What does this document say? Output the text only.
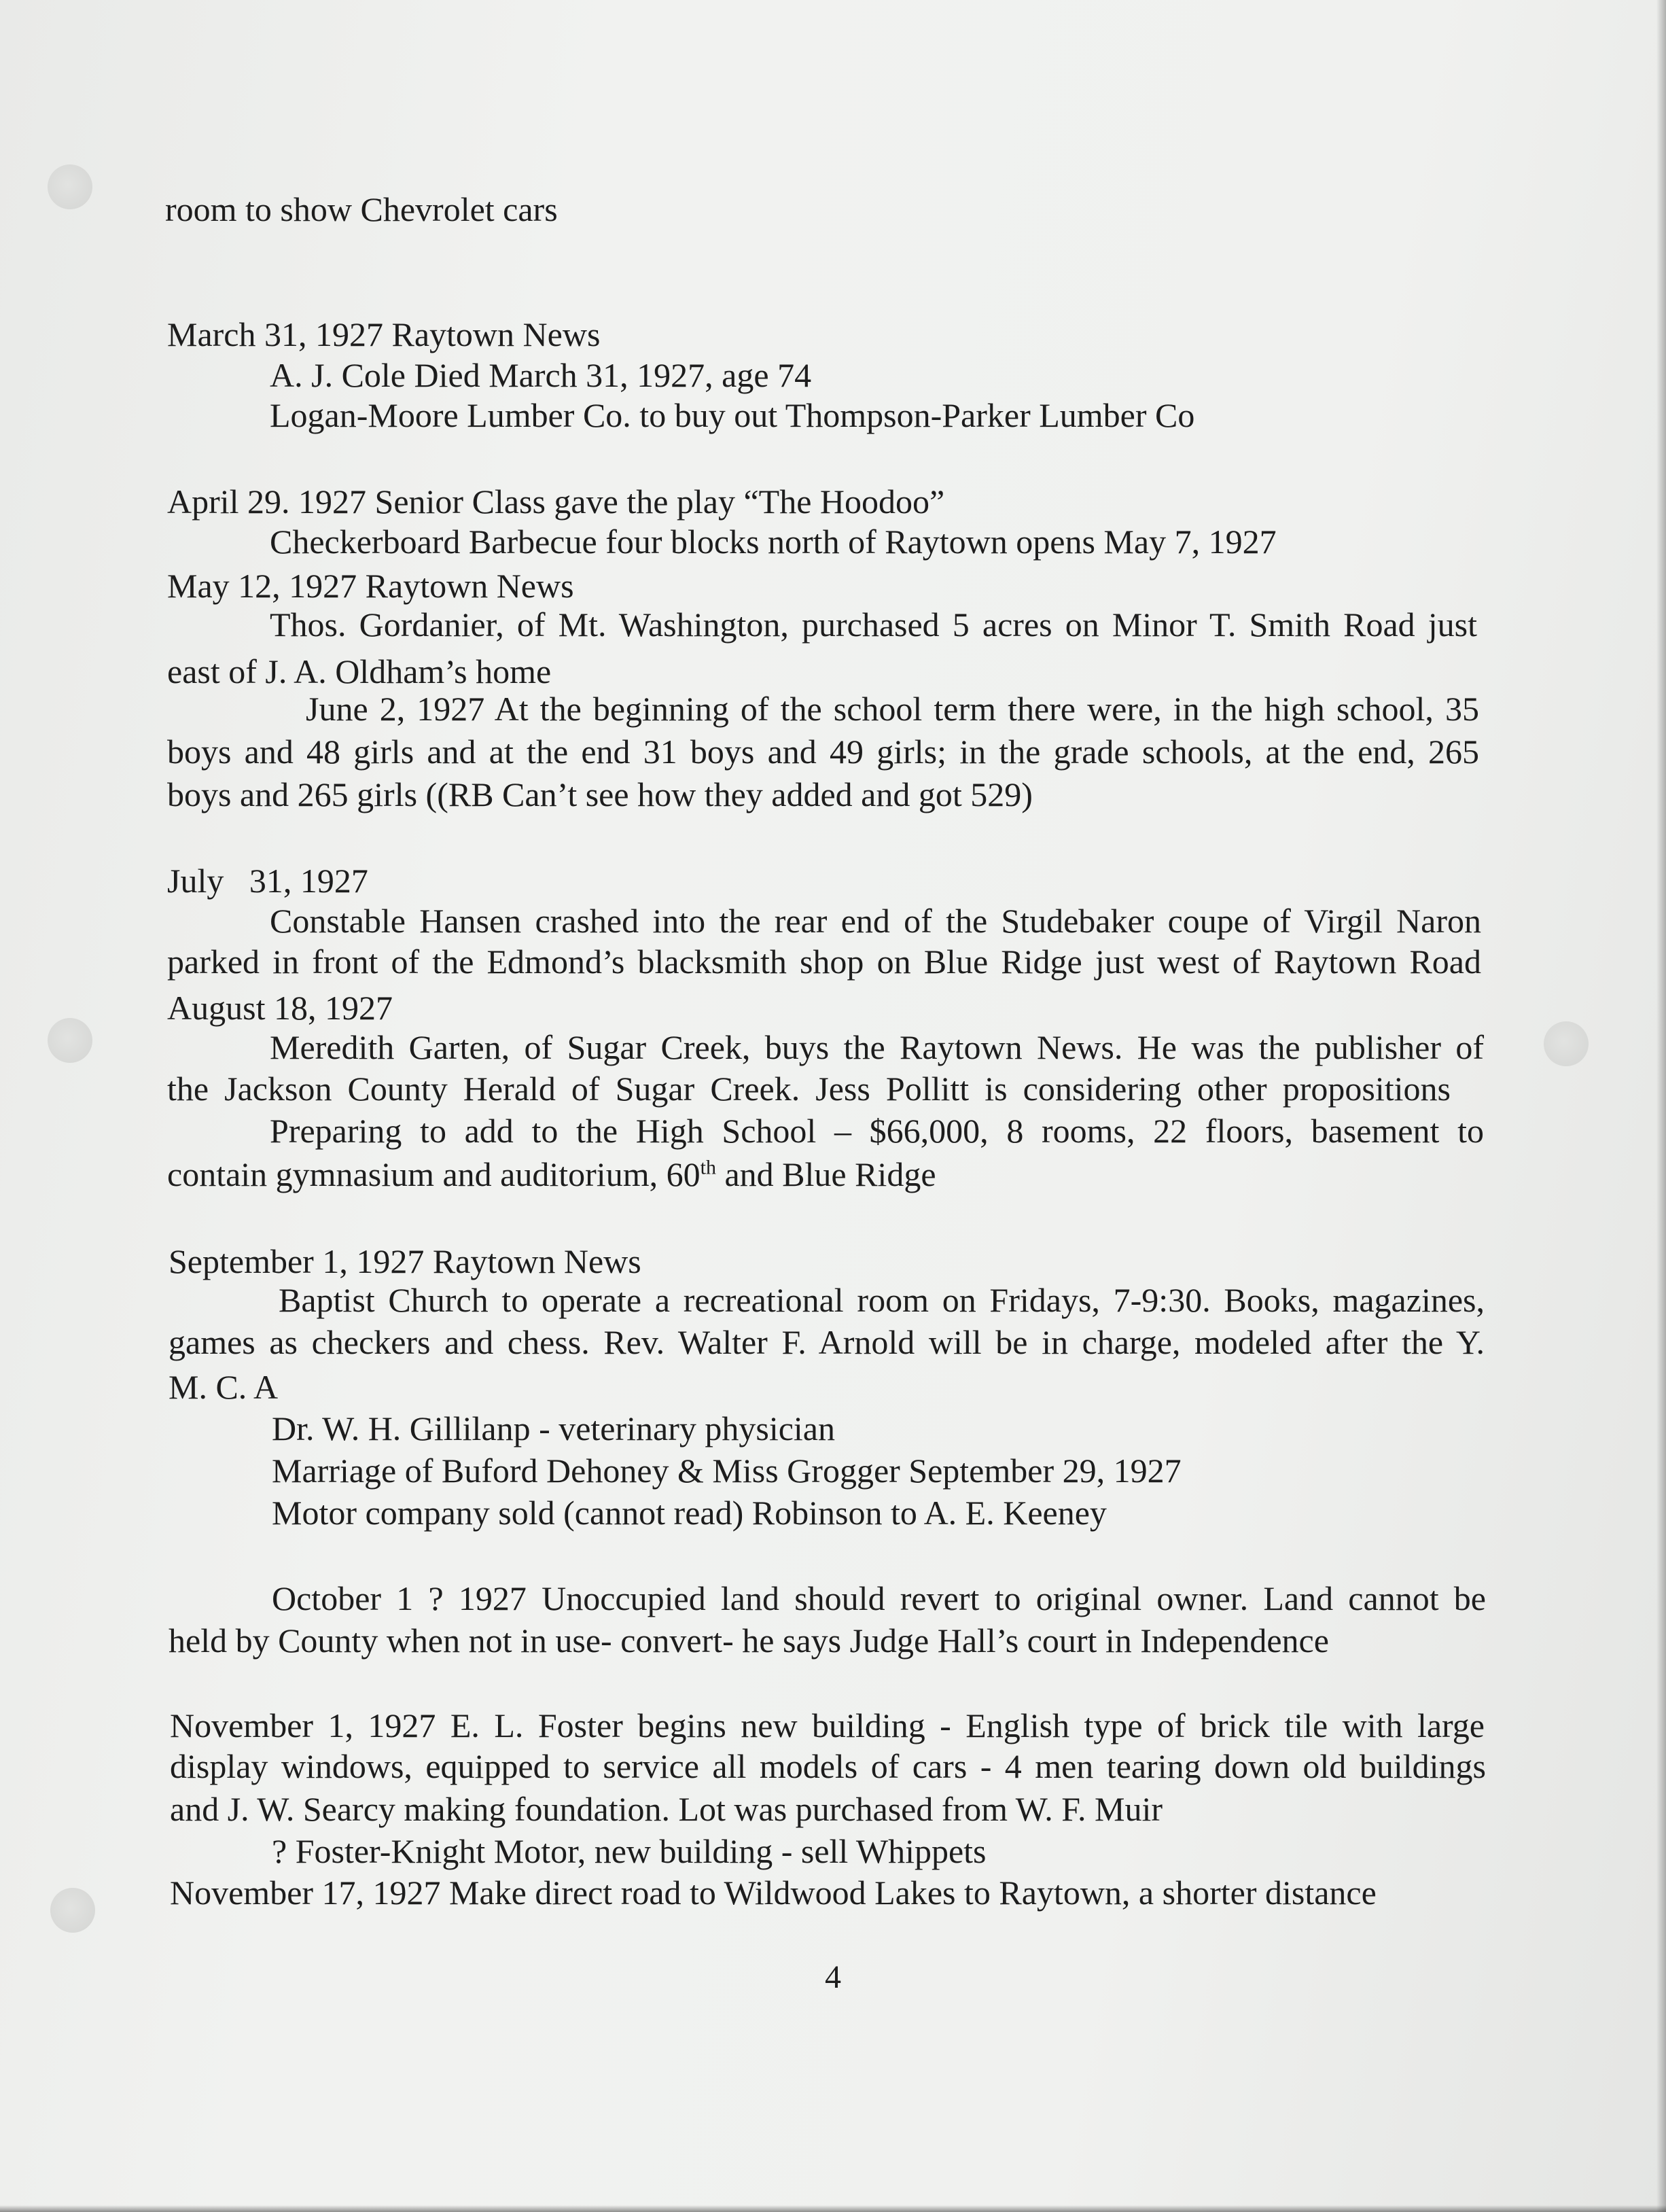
room to show Chevrolet cars

March 31, 1927 Raytown News

A. J. Cole Died March 31, 1927, age 74

Logan-Moore Lumber Co. to buy out Thompson-Parker Lumber Co

April 29. 1927 Senior Class gave the play “The Hoodoo”

Checkerboard Barbecue four blocks north of Raytown opens May 7, 1927

May 12, 1927 Raytown News

Thos. Gordanier, of Mt. Washington, purchased 5 acres on Minor T. Smith Road just

east of J. A. Oldham’s home

June 2, 1927 At the beginning of the school term there were, in the high school, 35

boys and 48 girls and at the end 31 boys and 49 girls; in the grade schools, at the end, 265

boys and 265 girls ((RB Can’t see how they added and got 529)

July   31, 1927

Constable Hansen crashed into the rear end of the Studebaker coupe of Virgil Naron

parked in front of the Edmond’s blacksmith shop on Blue Ridge just west of Raytown Road

August 18, 1927

Meredith Garten, of Sugar Creek, buys the Raytown News. He was the publisher of

the Jackson County Herald of Sugar Creek. Jess Pollitt is considering other propositions

Preparing to add to the High School – $66,000, 8 rooms, 22 floors, basement to

contain gymnasium and auditorium, 60th and Blue Ridge

September 1, 1927 Raytown News

Baptist Church to operate a recreational room on Fridays, 7-9:30. Books, magazines,

games as checkers and chess. Rev. Walter F. Arnold will be in charge, modeled after the Y.

M. C. A

Dr. W. H. Gillilanp - veterinary physician

Marriage of Buford Dehoney & Miss Grogger September 29, 1927

Motor company sold (cannot read) Robinson to A. E. Keeney

October 1 ? 1927 Unoccupied land should revert to original owner. Land cannot be

held by County when not in use- convert- he says Judge Hall’s court in Independence

November 1, 1927 E. L. Foster begins new building - English type of brick tile with large

display windows, equipped to service all models of cars - 4 men tearing down old buildings

and J. W. Searcy making foundation. Lot was purchased from W. F. Muir

? Foster-Knight Motor, new building - sell Whippets

November 17, 1927 Make direct road to Wildwood Lakes to Raytown, a shorter distance

4
